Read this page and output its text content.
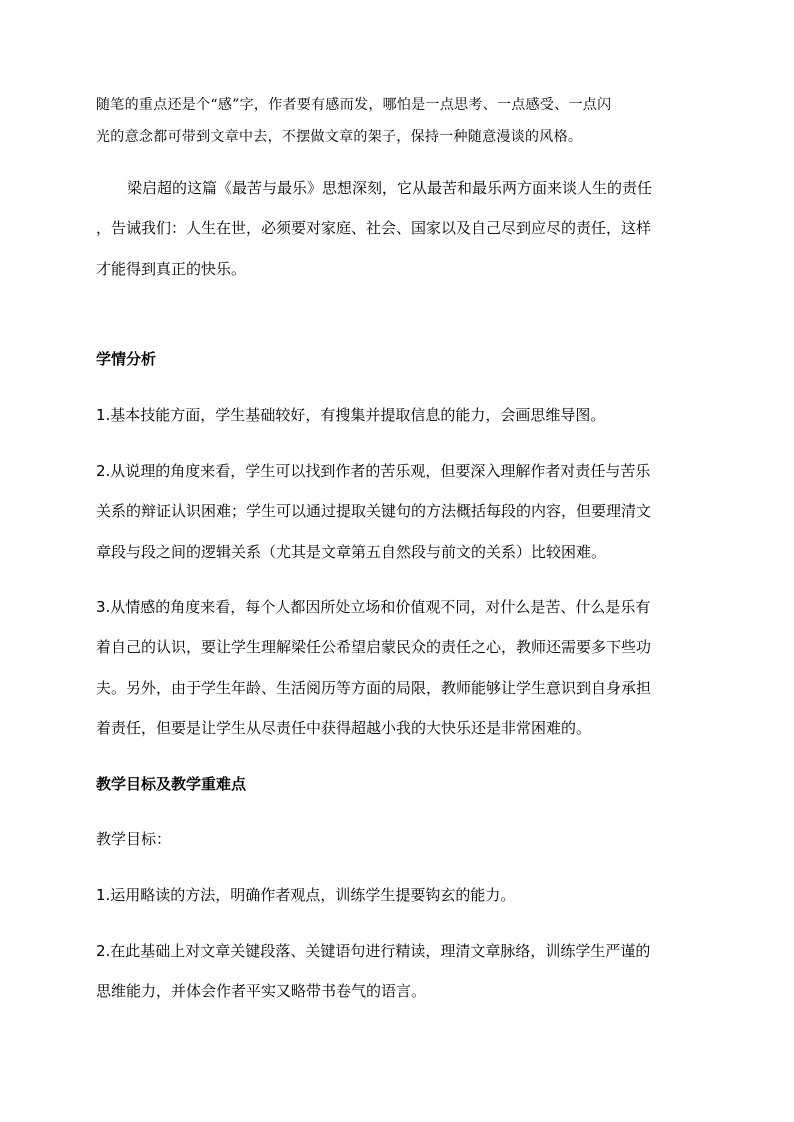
随笔的重点还是个“感”字，作者要有感而发，哪怕是一点思考、一点感受、一点闪
光的意念都可带到文章中去，不摆做文章的架子，保持一种随意漫谈的风格。
梁启超的这篇《最苦与最乐》思想深刻，它从最苦和最乐两方面来谈人生的责任
，告诫我们：人生在世，必须要对家庭、社会、国家以及自己尽到应尽的责任，这样
才能得到真正的快乐。
学情分析
1.基本技能方面，学生基础较好，有搜集并提取信息的能力，会画思维导图。
2.从说理的角度来看，学生可以找到作者的苦乐观，但要深入理解作者对责任与苦乐
关系的辩证认识困难；学生可以通过提取关键句的方法概括每段的内容，但要理清文
章段与段之间的逻辑关系（尤其是文章第五自然段与前文的关系）比较困难。
3.从情感的角度来看，每个人都因所处立场和价值观不同，对什么是苦、什么是乐有
着自己的认识，要让学生理解梁任公希望启蒙民众的责任之心，教师还需要多下些功
夫。另外，由于学生年龄、生活阅历等方面的局限，教师能够让学生意识到自身承担
着责任，但要是让学生从尽责任中获得超越小我的大快乐还是非常困难的。
教学目标及教学重难点
教学目标：
1.运用略读的方法，明确作者观点，训练学生提要钩玄的能力。
2.在此基础上对文章关键段落、关键语句进行精读，理清文章脉络，训练学生严谨的
思维能力，并体会作者平实又略带书卷气的语言。
